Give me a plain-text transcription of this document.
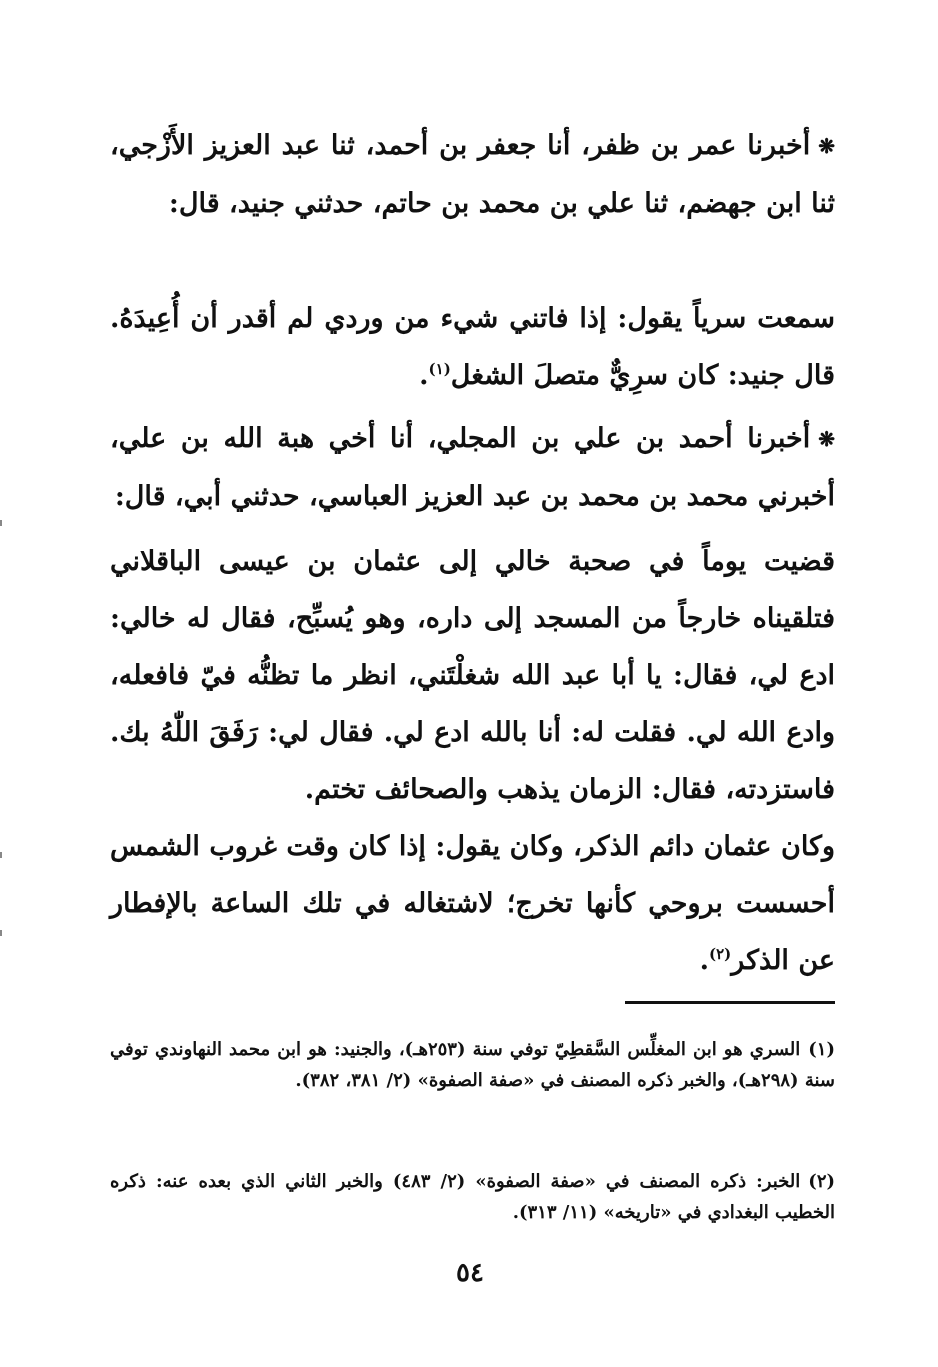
❋أخبرنا عمر بن ظفر، أنا جعفر بن أحمد، ثنا عبد العزيز الأَزْجي، ثنا ابن جهضم، ثنا علي بن محمد بن حاتم، حدثني جنيد، قال:

سمعت سرياً يقول: إذا فاتني شيء من وردي لم أقدر أن أُعِيدَهُ. قال جنيد: كان سرِيٌّ متصلَ الشغل$^{(١)}$.

❋أخبرنا أحمد بن علي بن المجلي، أنا أخي هبة الله بن علي، أخبرني محمد بن محمد بن عبد العزيز العباسي، حدثني أبي، قال:

قضيت يوماً في صحبة خالي إلى عثمان بن عيسى الباقلاني فتلقيناه خارجاً من المسجد إلى داره، وهو يُسبِّح، فقال له خالي: ادع لي، فقال: يا أبا عبد الله شغلْتَني، انظر ما تظنُّه فيّ فافعله، وادع الله لي. فقلت له: أنا بالله ادع لي. فقال لي: رَفَقَ اللّٰهُ بك. فاستزدته، فقال: الزمان يذهب والصحائف تختم.

وكان عثمان دائم الذكر، وكان يقول: إذا كان وقت غروب الشمس أحسست بروحي كأنها تخرج؛ لاشتغاله في تلك الساعة بالإفطار عن الذكر$^{(٢)}$.

(١)السري هو ابن المغلِّس السَّقطِيّ توفي سنة (٢٥٣هـ)، والجنيد: هو ابن محمد النهاوندي توفي سنة (٢٩٨هـ)، والخبر ذكره المصنف في «صفة الصفوة» (٢/ ٣٨١، ٣٨٢).

(٢)الخبر: ذكره المصنف في «صفة الصفوة» (٢/ ٤٨٣) والخبر الثاني الذي بعده عنه: ذكره الخطيب البغدادي في «تاريخه» (١١/ ٣١٣).

٥٤
